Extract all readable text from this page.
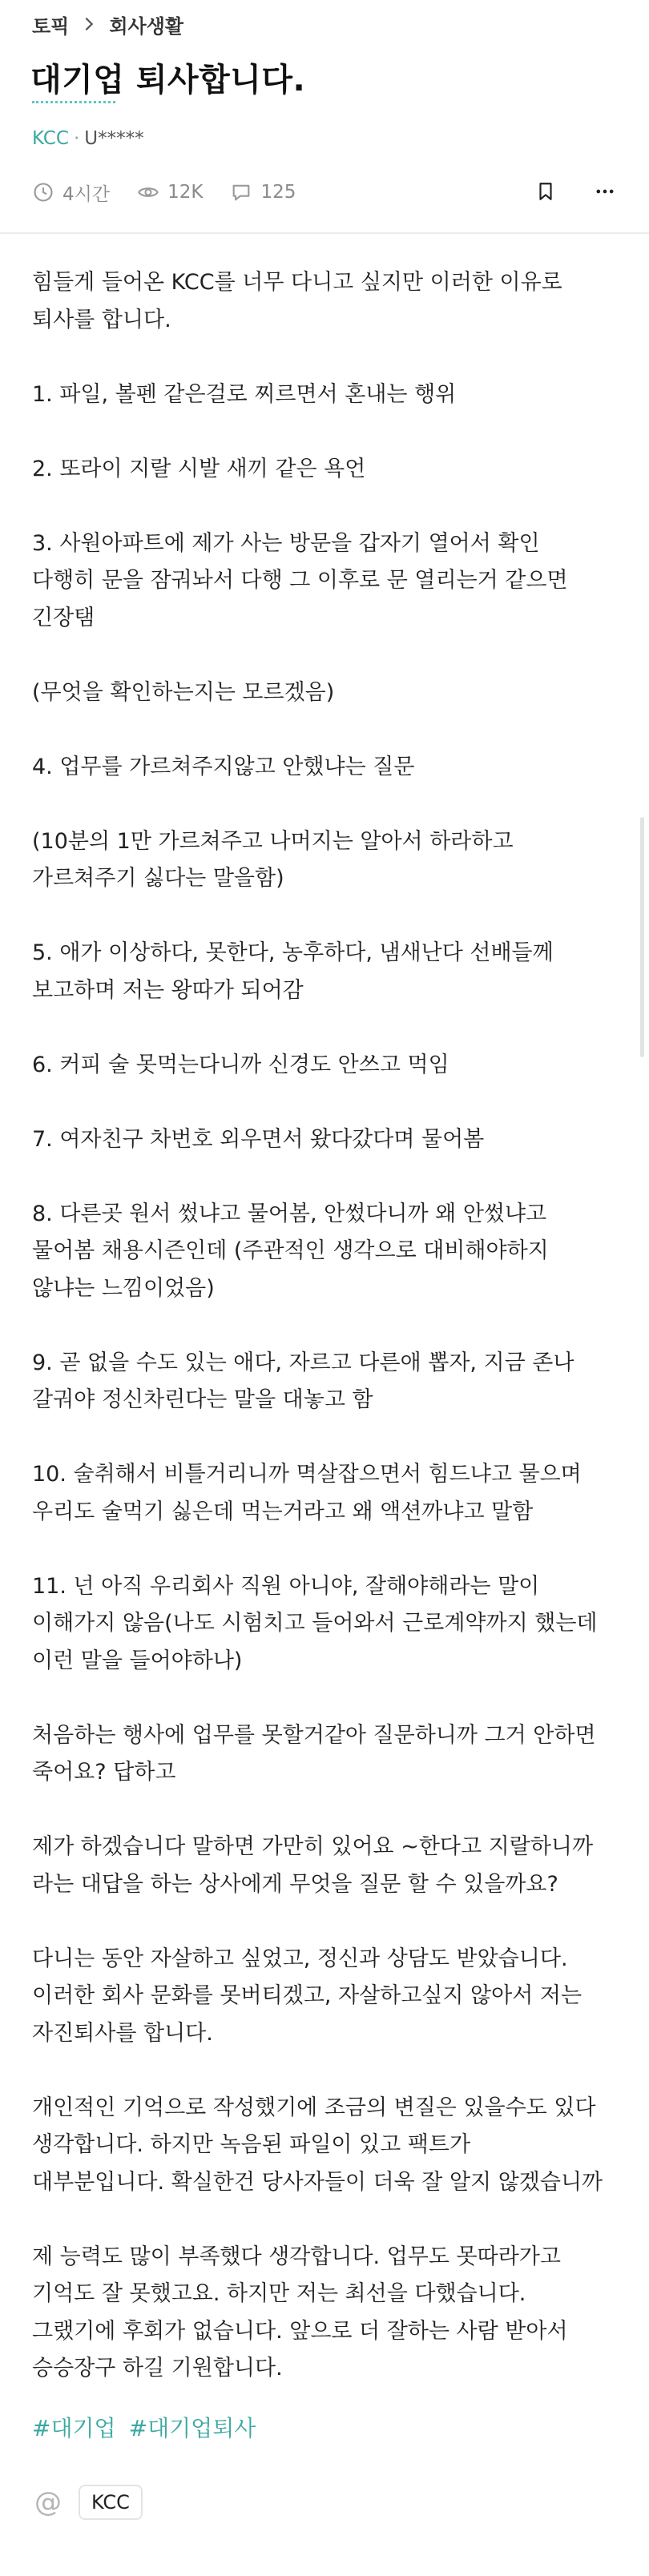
토픽 회사생활
대기업 퇴사합니다.
KCC · U*****
4시간	12K	125

힘들게 들어온 KCC를 너무 다니고 싶지만 이러한 이유로 퇴사를 합니다.

1. 파일, 볼펜 같은걸로 찌르면서 혼내는 행위

2. 또라이 지랄 시발 새끼 같은 욕언

3. 사원아파트에 제가 사는 방문을 갑자기 열어서 확인 다행히 문을 잠궈놔서 다행 그 이후로 문 열리는거 같으면 긴장탬

(무엇을 확인하는지는 모르겠음)

4. 업무를 가르쳐주지않고 안했냐는 질문

(10분의 1만 가르쳐주고 나머지는 알아서 하라하고 가르쳐주기 싫다는 말을함)

5. 애가 이상하다, 못한다, 농후하다, 냄새난다 선배들께 보고하며 저는 왕따가 되어감

6. 커피 술 못먹는다니까 신경도 안쓰고 먹임

7. 여자친구 차번호 외우면서 왔다갔다며 물어봄

8. 다른곳 원서 썼냐고 물어봄, 안썼다니까 왜 안썼냐고 물어봄 채용시즌인데 (주관적인 생각으로 대비해야하지 않냐는 느낌이었음)

9. 곧 없을 수도 있는 애다, 자르고 다른애 뽑자, 지금 존나 갈궈야 정신차린다는 말을 대놓고 함

10. 술취해서 비틀거리니까 멱살잡으면서 힘드냐고 물으며 우리도 술먹기 싫은데 먹는거라고 왜 액션까냐고 말함

11. 넌 아직 우리회사 직원 아니야, 잘해야해라는 말이 이해가지 않음(나도 시험치고 들어와서 근로계약까지 했는데 이런 말을 들어야하나)

처음하는 행사에 업무를 못할거같아 질문하니까 그거 안하면 죽어요? 답하고

제가 하겠습니다 말하면 가만히 있어요 ~한다고 지랄하니까 라는 대답을 하는 상사에게 무엇을 질문 할 수 있을까요?

다니는 동안 자살하고 싶었고, 정신과 상담도 받았습니다. 이러한 회사 문화를 못버티겠고, 자살하고싶지 않아서 저는 자진퇴사를 합니다.

개인적인 기억으로 작성했기에 조금의 변질은 있을수도 있다 생각합니다. 하지만 녹음된 파일이 있고 팩트가 대부분입니다. 확실한건 당사자들이 더욱 잘 알지 않겠습니까

제 능력도 많이 부족했다 생각합니다. 업무도 못따라가고 기억도 잘 못했고요. 하지만 저는 최선을 다했습니다. 그랬기에 후회가 없습니다. 앞으로 더 잘하는 사람 받아서 승승장구 하길 기원합니다.

#대기업 #대기업퇴사
@	KCC
